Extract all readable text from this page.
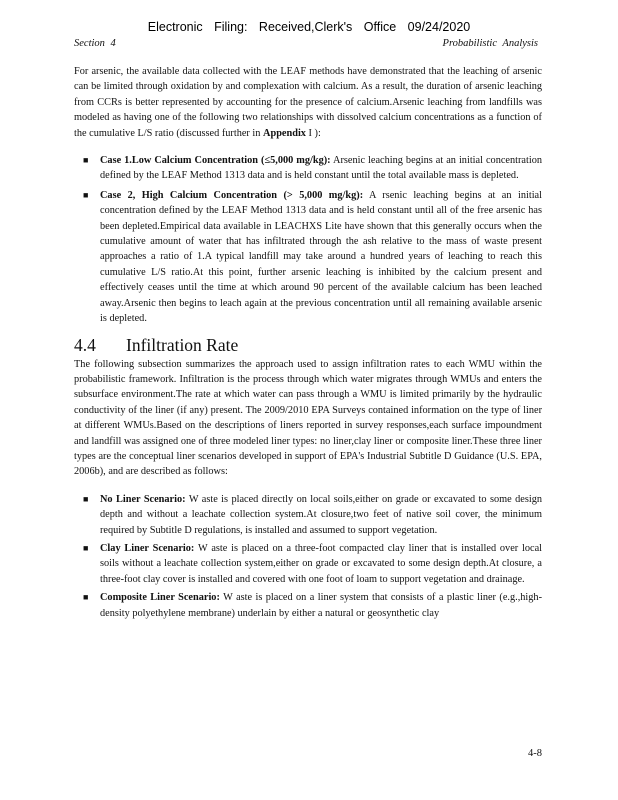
Electronic Filing: Received,Clerk's Office 09/24/2020
Section 4	Probabilistic Analysis

For arsenic, the available data collected with the LEAF methods have demonstrated that the leaching of arsenic can be limited through oxidation by and complexation with calcium. As a result, the duration of arsenic leaching from CCRs is better represented by accounting for the presence of calcium.Arsenic leaching from landfills was modeled as having one of the following two relationships with dissolved calcium concentrations as a function of the cumulative L/S ratio (discussed further in Appendix I ):

■ Case 1.Low Calcium Concentration (≤5,000 mg/kg): Arsenic leaching begins at an initial concentration defined by the LEAF Method 1313 data and is held constant until the total available mass is depleted.
■ Case 2, High Calcium Concentration (> 5,000 mg/kg): A rsenic leaching begins at an initial concentration defined by the LEAF Method 1313 data and is held constant until all of the free arsenic has been depleted.Empirical data available in LEACHXS Lite have shown that this generally occurs when the cumulative amount of water that has infiltrated through the ash relative to the mass of waste present approaches a ratio of 1.A typical landfill may take around a hundred years of leaching to reach this cumulative L/S ratio.At this point, further arsenic leaching is inhibited by the calcium present and effectively ceases until the time at which around 90 percent of the available calcium has been leached away.Arsenic then begins to leach again at the previous concentration until all remaining available arsenic is depleted.
4.4 Infiltration Rate

The following subsection summarizes the approach used to assign infiltration rates to each WMU within the probabilistic framework. Infiltration is the process through which water migrates through WMUs and enters the subsurface environment.The rate at which water can pass through a WMU is limited primarily by the hydraulic conductivity of the liner (if any) present. The 2009/2010 EPA Surveys contained information on the type of liner at different WMUs.Based on the descriptions of liners reported in survey responses,each surface impoundment and landfill was assigned one of three modeled liner types: no liner,clay liner or composite liner.These three liner types are the conceptual liner scenarios developed in support of EPA's Industrial Subtitle D Guidance (U.S. EPA, 2006b), and are described as follows:

■ No Liner Scenario: W aste is placed directly on local soils,either on grade or excavated to some design depth and without a leachate collection system.At closure,two feet of native soil cover, the minimum required by Subtitle D regulations, is installed and assumed to support vegetation.
■ Clay Liner Scenario: W aste is placed on a three-foot compacted clay liner that is installed over local soils without a leachate collection system,either on grade or excavated to some design depth.At closure, a three-foot clay cover is installed and covered with one foot of loam to support vegetation and drainage.
■ Composite Liner Scenario: W aste is placed on a liner system that consists of a plastic liner (e.g.,high-density polyethylene membrane) underlain by either a natural or geosynthetic clay
4-8
